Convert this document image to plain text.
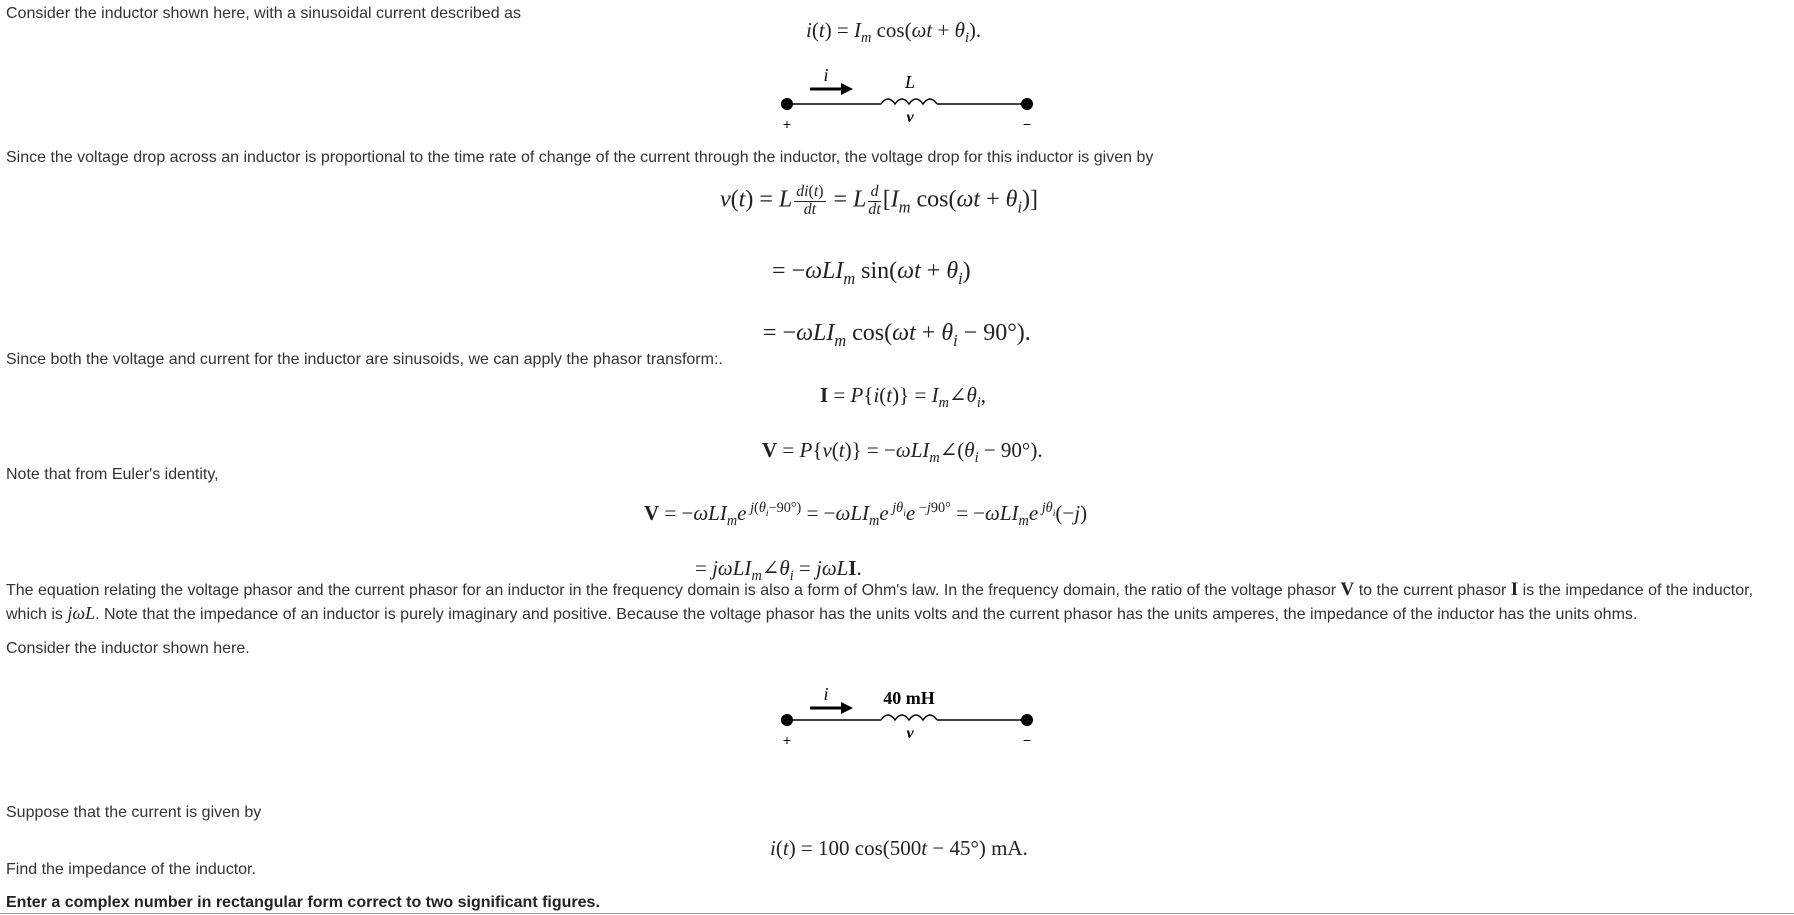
Consider the inductor shown here, with a sinusoidal current described as
$i(t) = I_m$ $\cos(\omega t + \theta_i)$.
i	L
v
+	−
Since the voltage drop across an inductor is proportional to the time rate of change of the current through the inductor, the voltage drop for this inductor is given by
v(t) = L $\frac{di(t)}{dt} = L \frac{d}{dt} [I_m$ $\cos(\omega t + \theta_i)$]
= −ωLI$_m$ $\sin(\omega t + \theta_i)$
= −ωLI$_m$ $\cos(\omega t + \theta_i - 90^\circ)$.
Since both the voltage and current for the inductor are sinusoids, we can apply the phasor transform:.
$I = P\{i(t)\} = I_m\angle\theta_i$,
$V = P\{v(t)\} = -\omega LI_m\angle(\theta_i - 90^\circ)$.
Note that from Euler's identity,
V = −ωLI$_m$e $^{j(\theta_i-90^\circ)}$ = −ωLI$_m$e $^{j\theta_i}$e $^{-j90^\circ}$ = −ωLI$_m$e $^{j\theta_i}$(−j)
= $j\omega LI_m\angle\theta_i = j\omega LI$.
The equation relating the voltage phasor and the current phasor for an inductor in the frequency domain is also a form of Ohm's law. In the frequency domain, the ratio of the voltage phasor V to the current phasor I is the impedance of the inductor,
which is jωL. Note that the impedance of an inductor is purely imaginary and positive. Because the voltage phasor has the units volts and the current phasor has the units amperes, the impedance of the inductor has the units ohms.
Consider the inductor shown here.
i	40 mH
v
+	−
Suppose that the current is given by
i(t) = 100 cos(500t − 45°) mA.
Find the impedance of the inductor.
Enter a complex number in rectangular form correct to two significant figures.
